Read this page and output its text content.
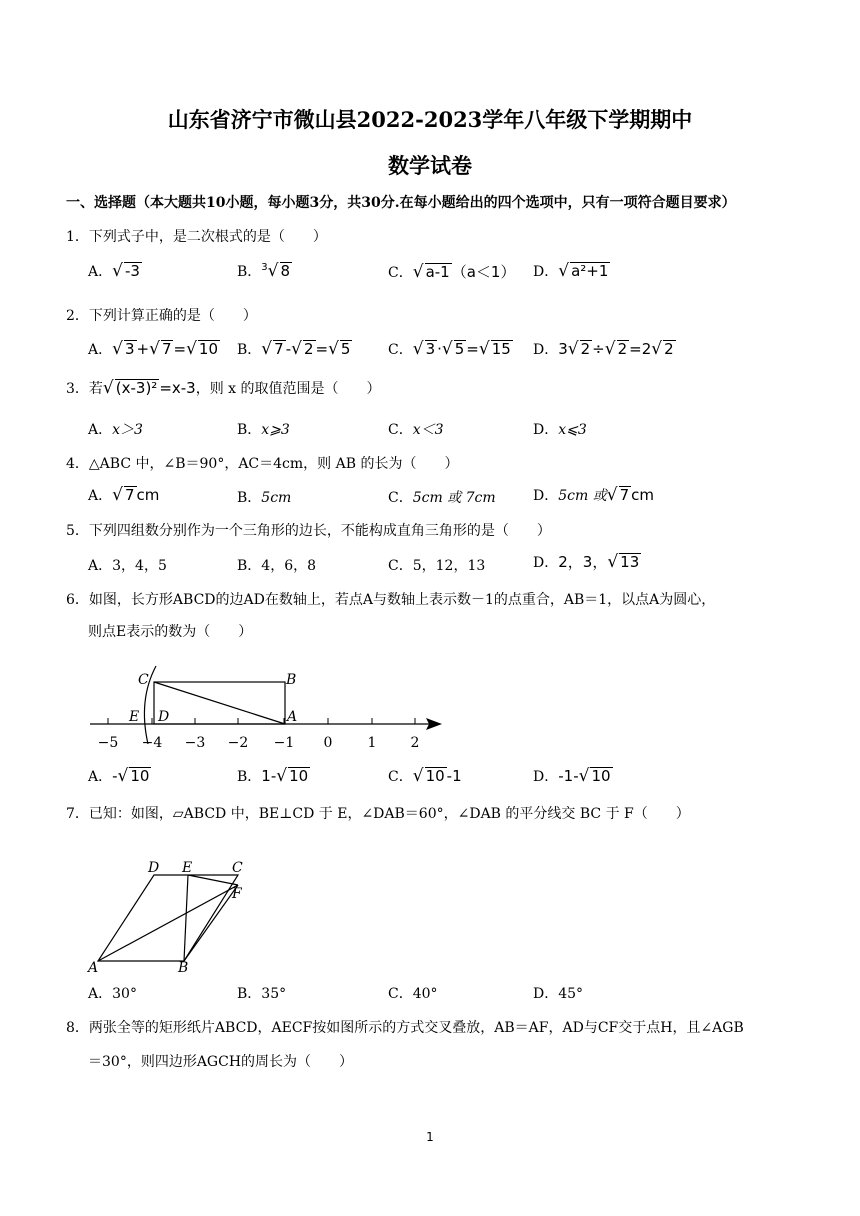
山东省济宁市微山县2022-2023学年八年级下学期期中
数学试卷
一、选择题（本大题共10小题，每小题3分，共30分.在每小题给出的四个选项中，只有一项符合题目要求）
1．下列式子中，是二次根式的是（　　）
A．√ -3	B．$^3$√ 8	C．√ a-1 （a＜1） D．√ a²+1
2．下列计算正确的是（　　）
A．√ 3 +√ 7 =√ 10 B．√ 7 -√ 2 =√ 5	C．√ 3 ·√ 5 =√ 15 D．3√ 2 ÷√ 2 =2√ 2
3．若√ (x-3)² =x-3，则 x 的取值范围是（　　）
A．x＞3	B．x⩾3	C．x＜3	D．x⩽3
4．△ABC 中，∠B＝90°，AC＝4cm，则 AB 的长为（　　）
A．√ 7 cm	B．5cm	C．5cm 或 7cm	D．5cm 或√ 7 cm
5．下列四组数分别作为一个三角形的边长，不能构成直角三角形的是（　　）
A．3，4，5	B．4，6，8	C．5，12，13	D．2，3，√ 13
6．如图，长方形ABCD的边AD在数轴上，若点A与数轴上表示数－1的点重合，AB＝1，以点A为圆心，
则点E表示的数为（　　）
C	B
E D	A
−5 −4 −3 −2 −1 0	1 2
A．-√ 10	B．1-√ 10	C．√ 10 -1	D．-1-√ 10
7．已知：如图，▱ABCD 中，BE⊥CD 于 E，∠DAB＝60°，∠DAB 的平分线交 BC 于 F（　　）
D E	C
F
A	B
A．30°	B．35°	C．40°	D．45°
8．两张全等的矩形纸片ABCD，AECF按如图所示的方式交叉叠放，AB＝AF，AD与CF交于点H，且∠AGB
＝30°，则四边形AGCH的周长为（　　）
1
